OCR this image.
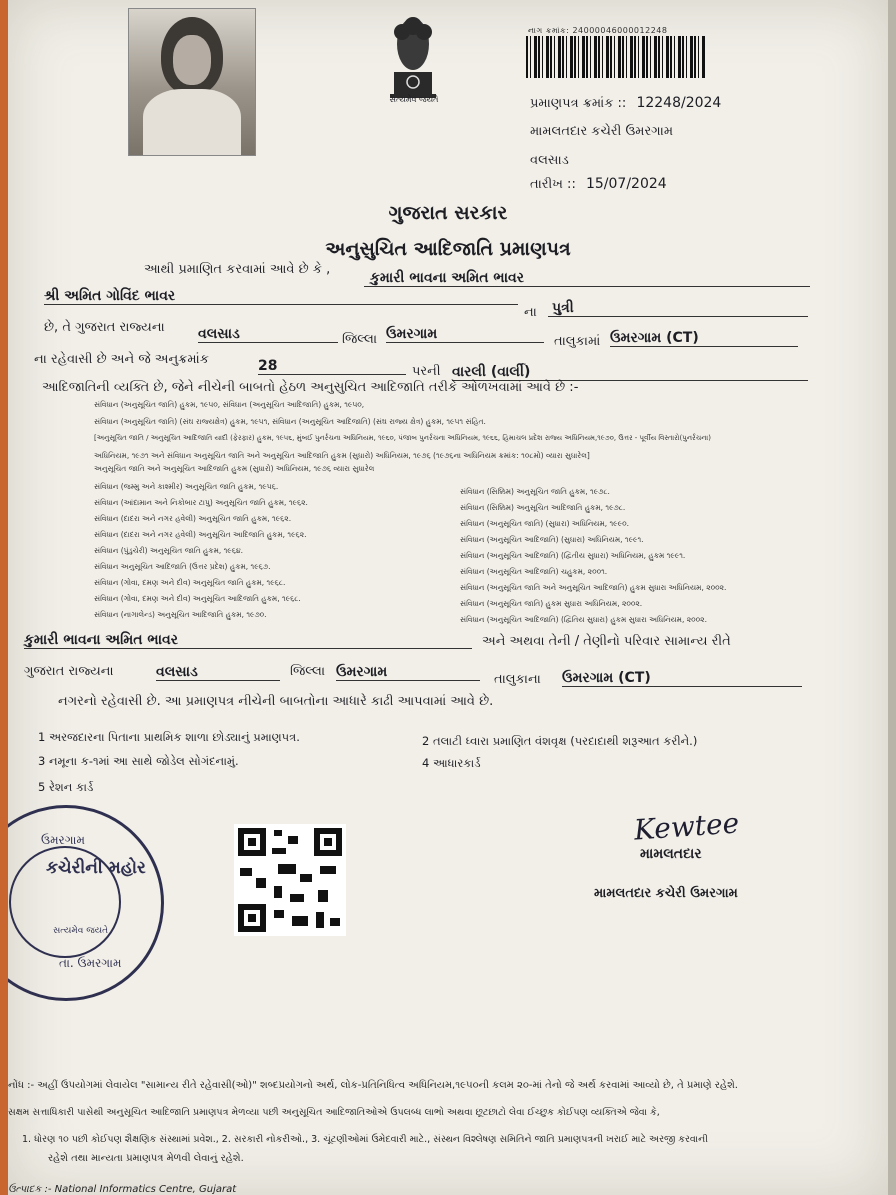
સત્યમેવ જયતે
નાગ ક્રમાંક: 24000046000012248
પ્રમાણપત્ર ક્રમાંક :: 12248/2024
મામલતદાર કચેરી ઉમરગામ
વલસાડ
તારીખ :: 15/07/2024
ગુજરાત સરકાર
અનુસુચિત આદિજાતિ પ્રમાણપત્ર
આથી પ્રમાણિત કરવામાં આવે છે કે ,
કુમારી ભાવના અમિત ભાવર
શ્રી અમિત ગોવિંદ ભાવર
ના પુત્રી
છે, તે ગુજરાત રાજ્યના વલસાડ	જિલ્લા ઉમરગામ	તાલુકામાં ઉમરગામ (CT)
ના રહેવાસી છે અને જે અનુક્રમાંક	28	પરની વારલી (વાર્લી)
આદિજાતિની વ્યક્તિ છે, જેને નીચેની બાબતો હેઠળ અનુસુચિત આદિજાતિ તરીકે ઓળખવામાં આવે છે :-
સંવિધાન (અનુસૂચિત જાતિ) હુકમ, ૧૯૫૦, સંવિધાન (અનુસૂચિત આદિજાતિ) હુકમ, ૧૯૫૦,
સંવિધાન (અનુસૂચિત જાતિ) (સંઘ રાજ્યક્ષેત્ર) હુકમ, ૧૯૫૧, સંવિધાન (અનુસૂચિત આદિજાતિ) (સંઘ રાજ્ય ક્ષેત્ર) હુકમ, ૧૯૫૧ સંહિત.
[અનુસૂચિત જાતિ / અનુસૂચિત આદિજાતિ યાદી (ફેરફાર) હુકમ, ૧૯૫૬, મુંબઈ પુનર્રચના અધિનિયમ, ૧૯૬૦, પંજાબ પુનર્રચના અધિનિયમ, ૧૯૬૬, હિમાચલ પ્રદેશ રાજ્ય અધિનિયમ,૧૯૭૦, ઉત્તર - પૂર્વીય વિસ્તારો(પુનર્રચના)
અધિનિયમ, ૧૯૭૧ અને સંવિધાન અનુસૂચિત જાતિ અને અનુસૂચિત આદિજાતિ હુકમ (સુધારો) અધિનિયમ, ૧૯૭૬ (૧૯૭૬ના અધિનિયમ ક્રમાંક: ૧૦૮મો) વ્યારા સુધારેલ]
અનુસૂચિત જાતિ અને અનુસૂચિત આદિજાતિ હુકમ (સુધારો) અધિનિયમ, ૧૯૭૬ વ્યારા સુધારેલ
સંવિધાન (જમ્મુ અને કાશ્મીર) અનુસૂચિત જાતિ હુકમ, ૧૯૫૬.
સંવિધાન (આંદામાન અને નિકોબાર ટાપુ) અનુસૂચિત જાતિ હુકમ, ૧૯૬૨.
સંવિધાન (દાદરા અને નગર હવેલી) અનુસૂચિત જાતિ હુકમ, ૧૯૬૨.
સંવિધાન (દાદરા અને નગર હવેલી) અનુસૂચિત આદિજાતિ હુકમ, ૧૯૬૨.
સંવિધાન (પુંડુચેરી) અનુસૂચિત જાતિ હુકમ, ૧૯૬૪.
સંવિધાન અનુસૂચિત આદિજાતિ (ઉત્તર પ્રદેશ) હુકમ, ૧૯૬૭.
સંવિધાન (ગોવા, દમણ અને દીવ) અનુસૂચિત જાતિ હુકમ, ૧૯૬૮.
સંવિધાન (ગોવા, દમણ અને દીવ) અનુસૂચિત આદિજાતિ હુકમ, ૧૯૬૮.
સંવિધાન (નાગાલેન્ડ) અનુસૂચિત આદિજાતિ હુકમ, ૧૯૭૦.
સંવિધાન (સિક્કિમ) અનુસૂચિત જાતિ હુકમ, ૧૯૭૮.
સંવિધાન (સિક્કિમ) અનુસૂચિત આદિજાતિ હુકમ, ૧૯૭૮.
સંવિધાન (અનુસૂચિત જાતિ) (સુધારા) અધિનિયમ, ૧૯૯૦.
સંવિધાન (અનુસૂચિત આદિજાતિ) (સુધારા) અધિનિયમ, ૧૯૯૧.
સંવિધાન (અનુસૂચિત આદિજાતિ) (દ્વિતીય સુધારા) અધિનિયમ, હુકમ ૧૯૯૧.
સંવિધાન (અનુસૂચિત આદિજાતિ) ચહુકમ, ૨૦૦૧.
સંવિધાન (અનુસૂચિત જાતિ અને અનુસૂચિત આદિજાતિ) હુકમ સુધારા અધિનિયમ, ૨૦૦૨.
સંવિધાન (અનુસૂચિત જાતિ) હુકમ સુધારા અધિનિયમ, ૨૦૦૨.
સંવિધાન (અનુસૂચિત આદિજાતિ) (દ્વિતિય સુધારા) હુકમ સુધારા અધિનિયમ, ૨૦૦૨.
કુમારી ભાવના અમિત ભાવર	અને અથવા તેની / તેણીનો પરિવાર સામાન્ય રીતે
ગુજરાત રાજ્યના	વલસાડ	જિલ્લા ઉમરગામ	તાલુકાના ઉમરગામ (CT)
નગરનો રહેવાસી છે. આ પ્રમાણપત્ર નીચેની બાબતોના આધારે કાઢી આપવામાં આવે છે.
1 અરજદારના પિતાના પ્રાથમિક શાળા છોડ્યાનું પ્રમાણપત્ર.	2 તલાટી ધ્વારા પ્રમાણિત વંશવૃક્ષ (પરદાદાથી શરૂઆત કરીને.)
3 નમૂના ક-૧માં આ સાથે જોડેલ સોગંદનામું.	4 આધારકાર્ડ
5 રેશન કાર્ડ
ઉમરગામ
કચેરીની મહોર
સત્યમેવ જયતે
તા. ઉમરગામ
Kewtee
મામલતદાર
મામલતદાર કચેરી ઉમરગામ
નોંધ :- અહીં ઉપયોગમાં લેવાયેલ "સામાન્ય રીતે રહેવાસી(ઓ)" શબ્દપ્રયોગનો અર્થ, લોક-પ્રતિનિધિત્વ અધિનિયમ,૧૯૫૦ની કલમ ૨૦-માં તેનો જે અર્થ કરવામાં આવ્યો છે, તે પ્રમાણે રહેશે.
સક્ષમ સત્તાધિકારી પાસેથી અનુસૂચિત આદિજાતિ પ્રમાણપત્ર મેળવ્યા પછી અનુસૂચિત આદિજાતિઓએ ઉપલબ્ધ લાભો અથવા છૂટછાટો લેવા ઈચ્છુક કોઈપણ વ્યક્તિએ જેવા કે,
1. ધોરણ ૧૦ પછી કોઈપણ શૈક્ષણિક સંસ્થામાં પ્રવેશ., 2. સરકારી નોકરીઓ., 3. ચૂંટણીઓમાં ઉમેદવારી માટે., સંસ્થન વિશ્લેષણ સમિતિને જાતિ પ્રમાણપત્રની ખરાઈ માટે અરજી કરવાની
રહેશે તથા માન્યતા પ્રમાણપત્ર મેળવી લેવાનું રહેશે.
ઉત્પાદક :- National Informatics Centre, Gujarat
